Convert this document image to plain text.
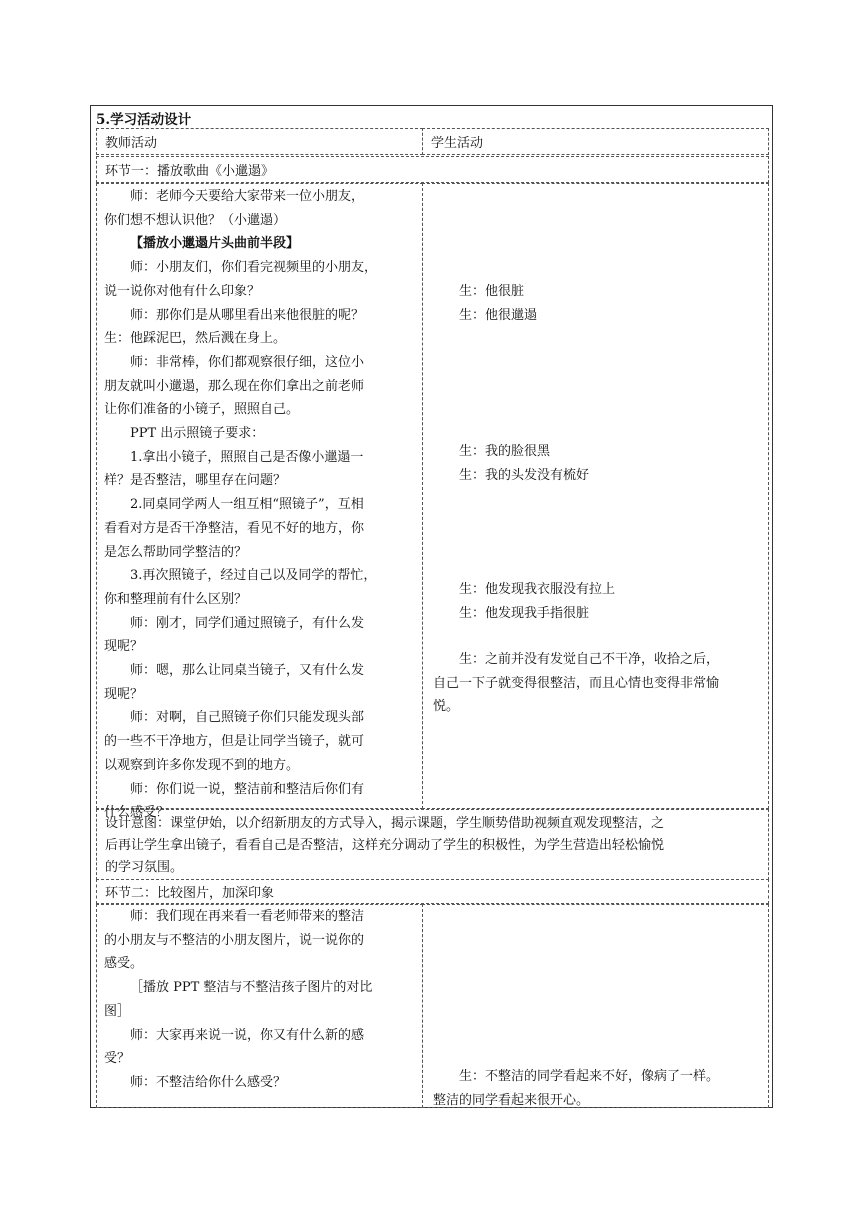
5.学习活动设计
教师活动	学生活动
环节一：播放歌曲《小邋遢》

师：老师今天要给大家带来一位小朋友，

你们想不想认识他？（小邋遢）

【播放小邋遢片头曲前半段】

师：小朋友们，你们看完视频里的小朋友，

说一说你对他有什么印象？

师：那你们是从哪里看出来他很脏的呢？

生：他踩泥巴，然后溅在身上。

师：非常棒，你们都观察很仔细，这位小

朋友就叫小邋遢，那么现在你们拿出之前老师

让你们准备的小镜子，照照自己。

PPT 出示照镜子要求：

1.拿出小镜子，照照自己是否像小邋遢一

样？是否整洁，哪里存在问题？

2.同桌同学两人一组互相“照镜子”，互相

看看对方是否干净整洁，看见不好的地方，你

是怎么帮助同学整洁的？

3.再次照镜子，经过自己以及同学的帮忙，

你和整理前有什么区别？

师：刚才，同学们通过照镜子，有什么发

现呢？

师：嗯，那么让同桌当镜子，又有什么发

现呢？

师：对啊，自己照镜子你们只能发现头部

的一些不干净地方，但是让同学当镜子，就可

以观察到许多你发现不到的地方。

师：你们说一说，整洁前和整洁后你们有

什么感受？

生：他很脏

生：他很邋遢

生：我的脸很黑

生：我的头发没有梳好

生：他发现我衣服没有拉上

生：他发现我手指很脏

生：之前并没有发觉自己不干净，收拾之后，

自己一下子就变得很整洁，而且心情也变得非常愉

悦。

设计意图：课堂伊始，以介绍新朋友的方式导入，揭示课题，学生顺势借助视频直观发现整洁，之
后再让学生拿出镜子，看看自己是否整洁，这样充分调动了学生的积极性，为学生营造出轻松愉悦
的学习氛围。
环节二：比较图片，加深印象

师：我们现在再来看一看老师带来的整洁

的小朋友与不整洁的小朋友图片，说一说你的

感受。

［播放 PPT 整洁与不整洁孩子图片的对比

图］

师：大家再来说一说，你又有什么新的感

受？

师：不整洁给你什么感受？	生：不整洁的同学看起来不好，像病了一样。

整洁的同学看起来很开心。
